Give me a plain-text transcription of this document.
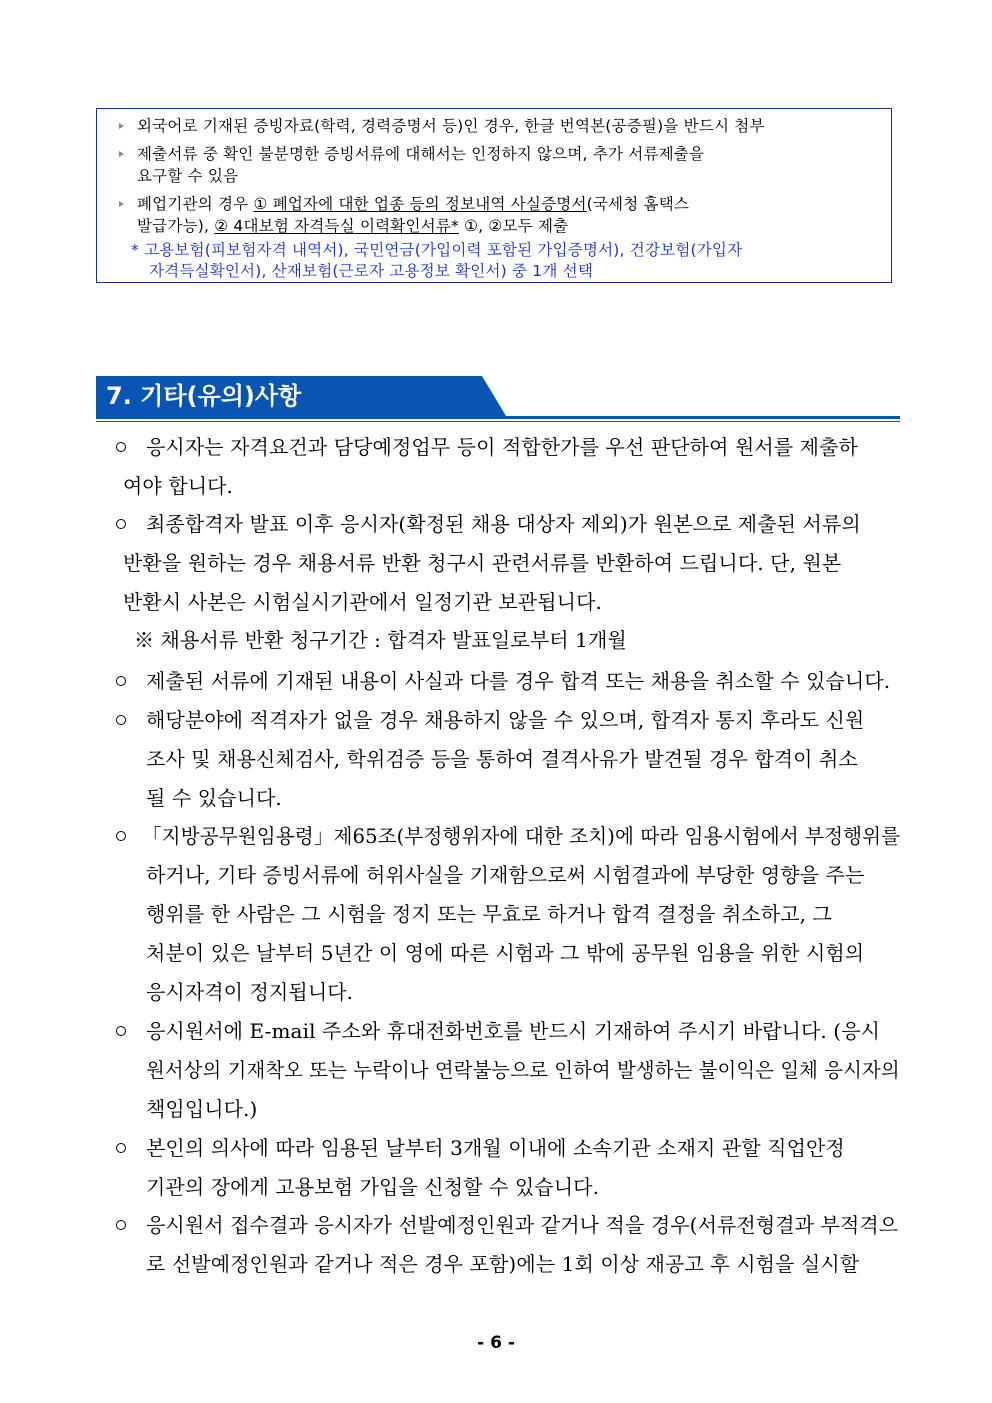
외국어로 기재된 증빙자료(학력, 경력증명서 등)인 경우, 한글 번역본(공증필)을 반드시 첨부
제출서류 중 확인 불분명한 증빙서류에 대해서는 인정하지 않으며, 추가 서류제출을
요구할 수 있음
폐업기관의 경우 ① 폐업자에 대한 업종 등의 정보내역 사실증명서(국세청 홈택스
발급가능), ② 4대보험 자격득실 이력확인서류* ①, ②모두 제출
* 고용보험(피보험자격 내역서), 국민연금(가입이력 포함된 가입증명서), 건강보험(가입자
자격득실확인서), 산재보험(근로자 고용정보 확인서) 중 1개 선택
7. 기타(유의)사항
응시자는 자격요건과 담당예정업무 등이 적합한가를 우선 판단하여 원서를 제출하
여야 합니다.
최종합격자 발표 이후 응시자(확정된 채용 대상자 제외)가 원본으로 제출된 서류의
반환을 원하는 경우 채용서류 반환 청구시 관련서류를 반환하여 드립니다. 단, 원본
반환시 사본은 시험실시기관에서 일정기관 보관됩니다.
※ 채용서류 반환 청구기간 : 합격자 발표일로부터 1개월
제출된 서류에 기재된 내용이 사실과 다를 경우 합격 또는 채용을 취소할 수 있습니다.
해당분야에 적격자가 없을 경우 채용하지 않을 수 있으며, 합격자 통지 후라도 신원
조사 및 채용신체검사, 학위검증 등을 통하여 결격사유가 발견될 경우 합격이 취소
될 수 있습니다.
「지방공무원임용령」제65조(부정행위자에 대한 조치)에 따라 임용시험에서 부정행위를
하거나, 기타 증빙서류에 허위사실을 기재함으로써 시험결과에 부당한 영향을 주는
행위를 한 사람은 그 시험을 정지 또는 무효로 하거나 합격 결정을 취소하고, 그
처분이 있은 날부터 5년간 이 영에 따른 시험과 그 밖에 공무원 임용을 위한 시험의
응시자격이 정지됩니다.
응시원서에 E-mail 주소와 휴대전화번호를 반드시 기재하여 주시기 바랍니다. (응시
원서상의 기재착오 또는 누락이나 연락불능으로 인하여 발생하는 불이익은 일체 응시자의
책임입니다.)
본인의 의사에 따라 임용된 날부터 3개월 이내에 소속기관 소재지 관할 직업안정
기관의 장에게 고용보험 가입을 신청할 수 있습니다.
응시원서 접수결과 응시자가 선발예정인원과 같거나 적을 경우(서류전형결과 부적격으
로 선발예정인원과 같거나 적은 경우 포함)에는 1회 이상 재공고 후 시험을 실시할
- 6 -
